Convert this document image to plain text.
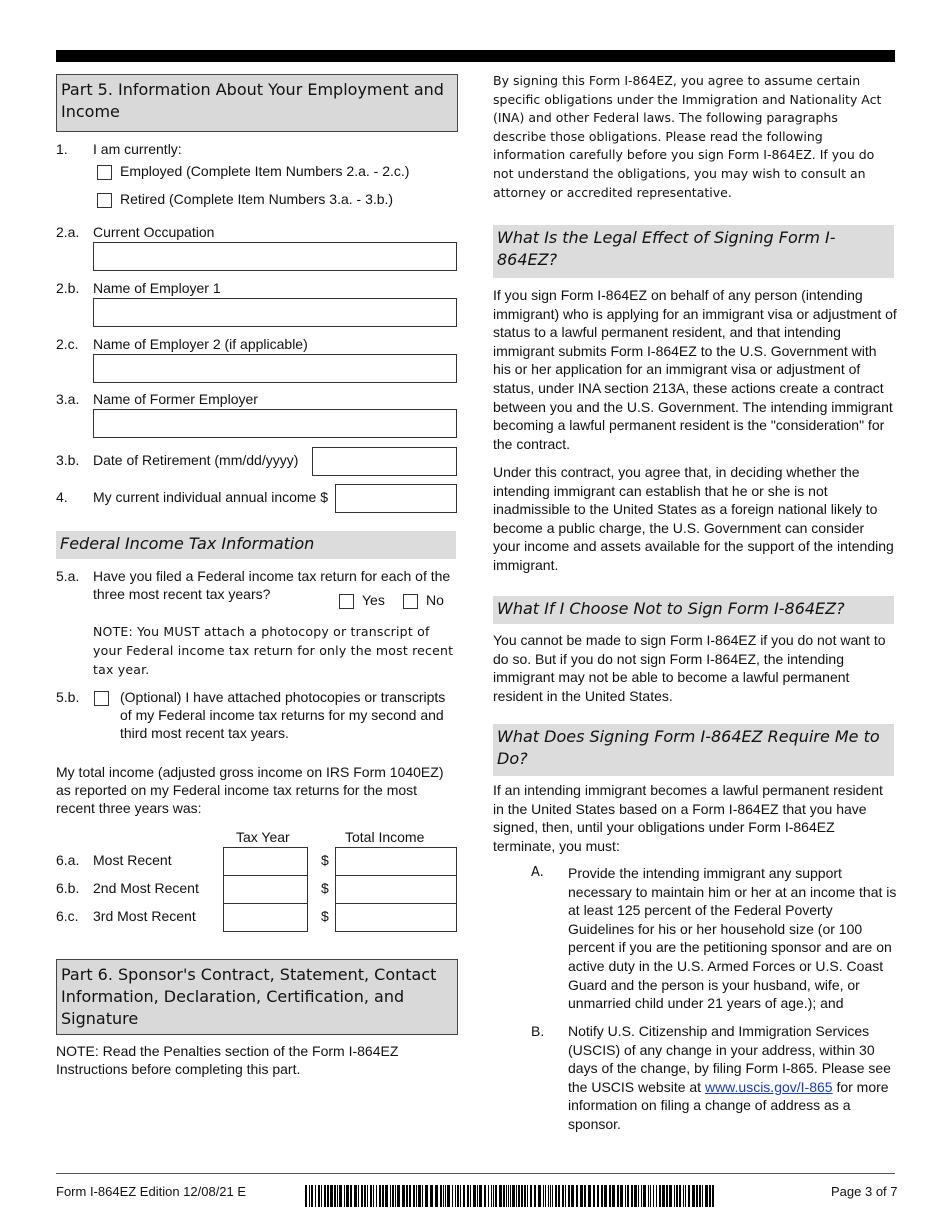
Part 5. Information About Your Employment and Income
1. I am currently:
Employed (Complete Item Numbers 2.a. - 2.c.)
Retired (Complete Item Numbers 3.a. - 3.b.)
2.a. Current Occupation
2.b. Name of Employer 1
2.c. Name of Employer 2 (if applicable)
3.a. Name of Former Employer
3.b. Date of Retirement (mm/dd/yyyy)
4. My current individual annual income $
Federal Income Tax Information
5.a. Have you filed a Federal income tax return for each of the three most recent tax years?	Yes	No
NOTE: You MUST attach a photocopy or transcript of your Federal income tax return for only the most recent tax year.
5.b.	(Optional) I have attached photocopies or transcripts of my Federal income tax returns for my second and third most recent tax years.
My total income (adjusted gross income on IRS Form 1040EZ) as reported on my Federal income tax returns for the most recent three years was:
Tax Year	Total Income
6.a. Most Recent	$
6.b. 2nd Most Recent	$
6.c. 3rd Most Recent	$
Part 6. Sponsor's Contract, Statement, Contact Information, Declaration, Certification, and Signature
NOTE: Read the Penalties section of the Form I-864EZ Instructions before completing this part.
By signing this Form I-864EZ, you agree to assume certain specific obligations under the Immigration and Nationality Act (INA) and other Federal laws. The following paragraphs describe those obligations. Please read the following information carefully before you sign Form I-864EZ. If you do not understand the obligations, you may wish to consult an attorney or accredited representative.
What Is the Legal Effect of Signing Form I-864EZ?
If you sign Form I-864EZ on behalf of any person (intending immigrant) who is applying for an immigrant visa or adjustment of status to a lawful permanent resident, and that intending immigrant submits Form I-864EZ to the U.S. Government with his or her application for an immigrant visa or adjustment of status, under INA section 213A, these actions create a contract between you and the U.S. Government. The intending immigrant becoming a lawful permanent resident is the "consideration" for the contract.
Under this contract, you agree that, in deciding whether the intending immigrant can establish that he or she is not inadmissible to the United States as a foreign national likely to become a public charge, the U.S. Government can consider your income and assets available for the support of the intending immigrant.
What If I Choose Not to Sign Form I-864EZ?
You cannot be made to sign Form I-864EZ if you do not want to do so. But if you do not sign Form I-864EZ, the intending immigrant may not be able to become a lawful permanent resident in the United States.
What Does Signing Form I-864EZ Require Me to Do?
If an intending immigrant becomes a lawful permanent resident in the United States based on a Form I-864EZ that you have signed, then, until your obligations under Form I-864EZ terminate, you must:
A. Provide the intending immigrant any support necessary to maintain him or her at an income that is at least 125 percent of the Federal Poverty Guidelines for his or her household size (or 100 percent if you are the petitioning sponsor and are on active duty in the U.S. Armed Forces or U.S. Coast Guard and the person is your husband, wife, or unmarried child under 21 years of age.); and
B. Notify U.S. Citizenship and Immigration Services (USCIS) of any change in your address, within 30 days of the change, by filing Form I-865. Please see the USCIS website at www.uscis.gov/I-865 for more information on filing a change of address as a sponsor.
Form I-864EZ Edition 12/08/21 E	Page 3 of 7
